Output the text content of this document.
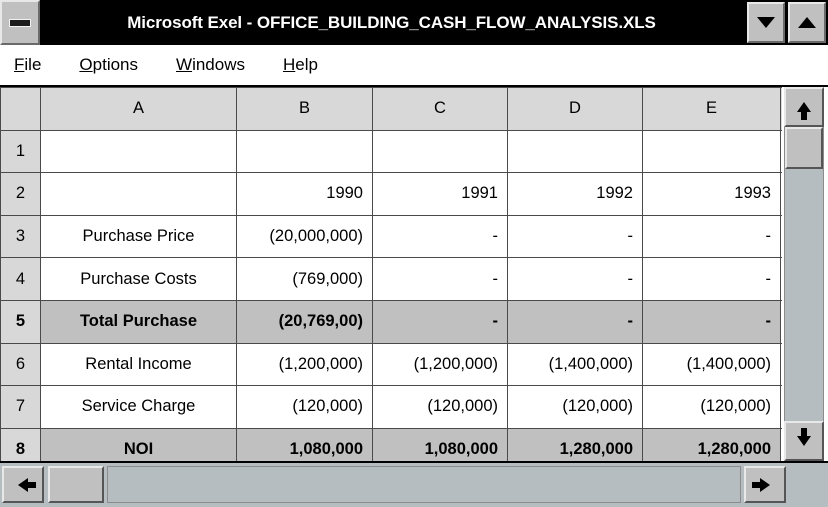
Microsoft Exel - OFFICE_BUILDING_CASH_FLOW_ANALYSIS.XLS
File Options Windows Help
	A	B	C	D	E	
1						
2		1990	1991	1992	1993	
3	Purchase Price	(20,000,000)	-	-	-	
4	Purchase Costs	(769,000)	-	-	-	
5	Total Purchase	(20,769,00)	-	-	-	
6	Rental Income	(1,200,000)	(1,200,000)	(1,400,000)	(1,400,000)	
7	Service Charge	(120,000)	(120,000)	(120,000)	(120,000)	
8	NOI	1,080,000	1,080,000	1,280,000	1,280,000	
